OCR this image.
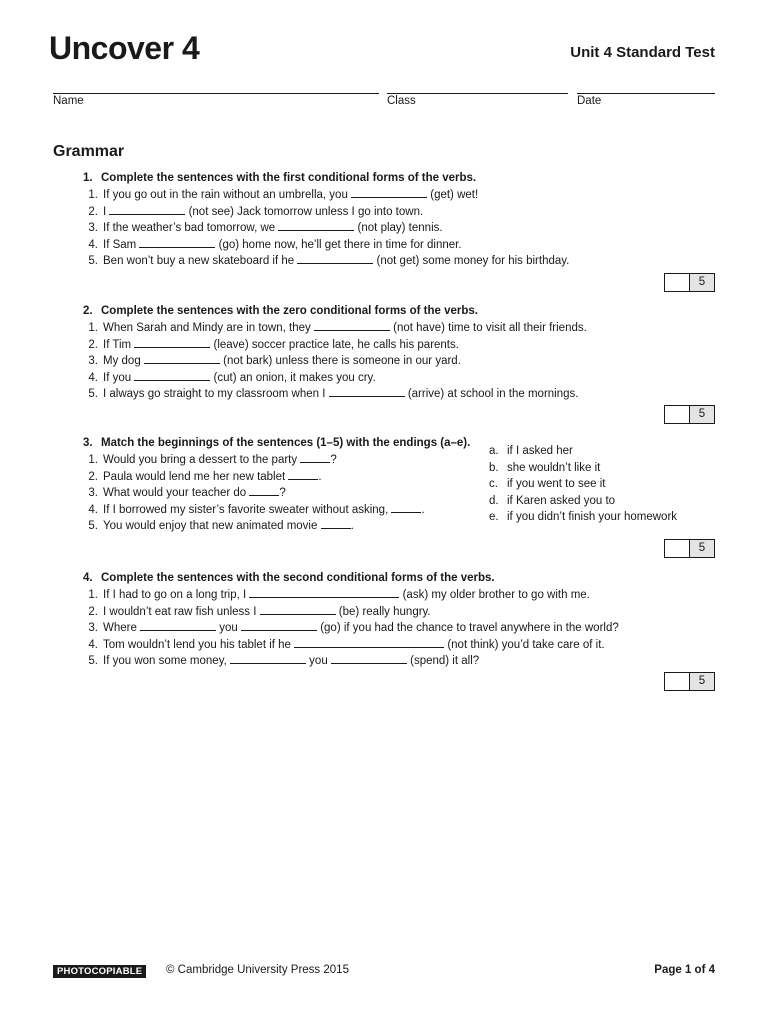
Uncover 4	Unit 4 Standard Test
Name	Class	Date
Grammar
1. Complete the sentences with the first conditional forms of the verbs.
1. If you go out in the rain without an umbrella, you	(get) wet!
2. I	(not see) Jack tomorrow unless I go into town.
3. If the weather’s bad tomorrow, we	(not play) tennis.
4. If Sam	(go) home now, he’ll get there in time for dinner.
5. Ben won’t buy a new skateboard if he	(not get) some money for his birthday.
5
2. Complete the sentences with the zero conditional forms of the verbs.
1. When Sarah and Mindy are in town, they	(not have) time to visit all their friends.
2. If Tim	(leave) soccer practice late, he calls his parents.
3. My dog	(not bark) unless there is someone in our yard.
4. If you	(cut) an onion, it makes you cry.
5. I always go straight to my classroom when I	(arrive) at school in the mornings.
5
3. Match the beginnings of the sentences (1–5) with the endings (a–e).
1. Would you bring a dessert to the party	?
2. Paula would lend me her new tablet	.
3. What would your teacher do	?
4. If I borrowed my sister’s favorite sweater without asking,	.
5. You would enjoy that new animated movie	.
a. if I asked her
b. she wouldn’t like it
c. if you went to see it
d. if Karen asked you to
e. if you didn’t finish your homework
5
4. Complete the sentences with the second conditional forms of the verbs.
1. If I had to go on a long trip, I	(ask) my older brother to go with me.
2. I wouldn’t eat raw fish unless I	(be) really hungry.
3. Where	you	(go) if you had the chance to travel anywhere in the world?
4. Tom wouldn’t lend you his tablet if he	(not think) you’d take care of it.
5. If you won some money,	you	(spend) it all?
5
PHOTOCOPIABLE	© Cambridge University Press 2015	Page 1 of 4
